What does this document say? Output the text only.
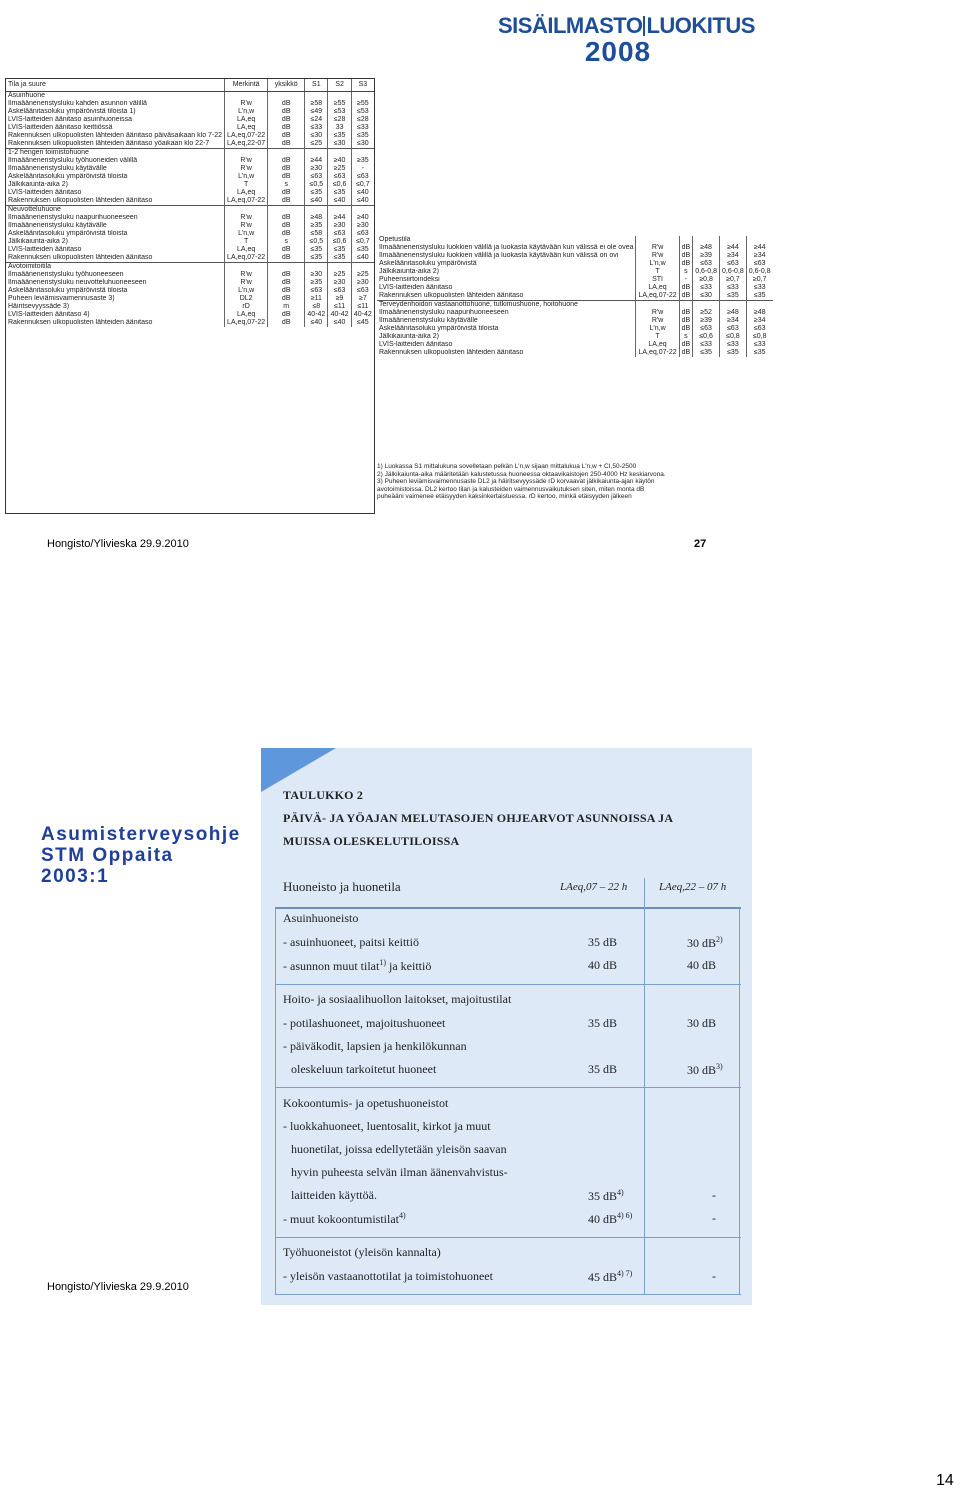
SISÄILMASTO LUOKITUS
2008
Tila ja suure	Merkintä	yksikkö	S1	S2	S3
Asuinhuone					
Ilmaääneneristysluku kahden asunnon välillä	R'w	dB	≥58	≥55	≥55
Askeläänitasoluku ympäröivistä tiloista 1)	L'n,w	dB	≤49	≤53	≤53
LVIS-laitteiden äänitaso asuinhuoneissa	LA,eq	dB	≤24	≤28	≤28
LVIS-laitteiden äänitaso keittiössä	LA,eq	dB	≤33	33	≤33
Rakennuksen ulkopuolisten lähteiden äänitaso päiväsaikaan klo 7-22	LA,eq,07-22	dB	≤30	≤35	≤35
Rakennuksen ulkopuolisten lähteiden äänitaso yöaikaan klo 22-7	LA,eq,22-07	dB	≤25	≤30	≤30
1-2 hengen toimistohuone					
Ilmaääneneristysluku työhuoneiden välillä	R'w	dB	≥44	≥40	≥35
Ilmaääneneristysluku käytävälle	R'w	dB	≥30	≥25	-
Askeläänitasoluku ympäröivistä tiloista	L'n,w	dB	≤63	≤63	≤63
Jälkikaiunta-aika 2)	T	s	≤0,5	≤0,6	≤0,7
LVIS-laitteiden äänitaso	LA,eq	dB	≤35	≤35	≤40
Rakennuksen ulkopuolisten lähteiden äänitaso	LA,eq,07-22	dB	≤40	≤40	≤40
Neuvotteluhuone					
Ilmaääneneristysluku naapurihuoneeseen	R'w	dB	≥48	≥44	≥40
Ilmaääneneristysluku käytävälle	R'w	dB	≥35	≥30	≥30
Askeläänitasoluku ympäröivistä tiloista	L'n,w	dB	≤58	≤63	≤63
Jälkikaiunta-aika 2)	T	s	≤0,5	≤0,6	≤0,7
LVIS-laitteiden äänitaso	LA,eq	dB	≤35	≤35	≤35
Rakennuksen ulkopuolisten lähteiden äänitaso	LA,eq,07-22	dB	≤35	≤35	≤40
Avotoimitoitila					
Ilmaääneneristysluku työhuoneeseen	R'w	dB	≥30	≥25	≥25
Ilmaääneneristysluku neuvotteluhuoneeseen	R'w	dB	≥35	≥30	≥30
Askeläänitasoluku ympäröivistä tiloista	L'n,w	dB	≤63	≤63	≤63
Puheen leviämisvaimennusaste 3)	DL2	dB	≥11	≥9	≥7
Häiritsevyyssäde 3)	rD	m	≤8	≤11	≤11
LVIS-laitteiden äänitaso 4)	LA,eq	dB	40-42	40-42	40-42
Rakennuksen ulkopuolisten lähteiden äänitaso	LA,eq,07-22	dB	≤40	≤40	≤45
Opetustila					
Ilmaääneneristysluku luokkien välillä ja luokasta käytävään kun välissä ei ole ovea	R'w	dB	≥48	≥44	≥44
Ilmaääneneristysluku luokkien välillä ja luokasta käytävään kun välissä on ovi	R'w	dB	≥39	≥34	≥34
Askeläänitasoluku ympäröivistä	L'n,w	dB	≤63	≤63	≤63
Jälkikaiunta-aika 2)	T	s	0,6-0,8	0,6-0,8	0,6-0,8
Puheensiirtoindeksi	STI	-	≥0,8	≥0,7	≥0,7
LVIS-laitteiden äänitaso	LA,eq	dB	≤33	≤33	≤33
Rakennuksen ulkopuolisten lähteiden äänitaso	LA,eq,07-22	dB	≤30	≤35	≤35
Terveydenhoidon vastaanottohuone, tutkimushuone, hoitohuone					
Ilmaääneneristysluku naapurihuoneeseen	R'w	dB	≥52	≥48	≥48
Ilmaääneneristysluku käytävälle	R'w	dB	≥39	≥34	≥34
Askeläänitasoluku ympäröivistä tiloista	L'n,w	dB	≤63	≤63	≤63
Jälkikaiunta-aika 2)	T	s	≤0,6	≤0,8	≤0,8
LVIS-laitteiden äänitaso	LA,eq	dB	≤33	≤33	≤33
Rakennuksen ulkopuolisten lähteiden äänitaso	LA,eq,07-22	dB	≤35	≤35	≤35
1) Luokassa S1 mittalukuna sovelletaan pelkän L'n,w sijaan mittalukua L'n,w + CI,50-2500
2) Jälkikaiunta-aika määritetään kalustetussa huoneessa oktaavikaistojen 250-4000 Hz keskiarvona.
3) Puheen leviämisvaimennusaste DL2 ja häiritsevyyssäde rD korvaavat jälkikaiunta-ajan käytön
avotoimistoissa. DL2 kertoo tilan ja kalusteiden vaimennusvaikutuksen siten, miten monta dB
puheääni vaimenee etäisyyden kaksinkertaistuessa. rD kertoo, minkä etäisyyden jälkeen
Hongisto/Ylivieska 29.9.2010	27
Asumisterveysohje
STM Oppaita
2003:1
TAULUKKO 2
PÄIVÄ- JA YÖAJAN MELUTASOJEN OHJEARVOT ASUNNOISSA JA
MUISSA OLESKELUTILOISSA
Huoneisto ja huonetila	LAeq,07 – 22 h	LAeq,22 – 07 h
Asuinhuoneisto
- asuinhuoneet, paitsi keittiö	35 dB	30 $dB^{2)}$
- asunnon muut tilat$^{1)}$ ja keittiö	40 dB	40 dB
Hoito- ja sosiaalihuollon laitokset, majoitustilat
- potilashuoneet, majoitushuoneet	35 dB	30 dB
- päiväkodit, lapsien ja henkilökunnan
oleskeluun tarkoitetut huoneet	35 dB	30 $dB^{3)}$
Kokoontumis- ja opetushuoneistot
- luokkahuoneet, luentosalit, kirkot ja muut
huonetilat, joissa edellytetään yleisön saavan
hyvin puheesta selvän ilman äänenvahvistus-
laitteiden käyttöä.	35 $dB^{4)}$	-
- muut kokoontumistilat$^{4)}$	40 $dB^{4) 6)}$	-
Työhuoneistot (yleisön kannalta)
- yleisön vastaanottotilat ja toimistohuoneet	45 $dB^{4) 7)}$	-
Hongisto/Ylivieska 29.9.2010
14
